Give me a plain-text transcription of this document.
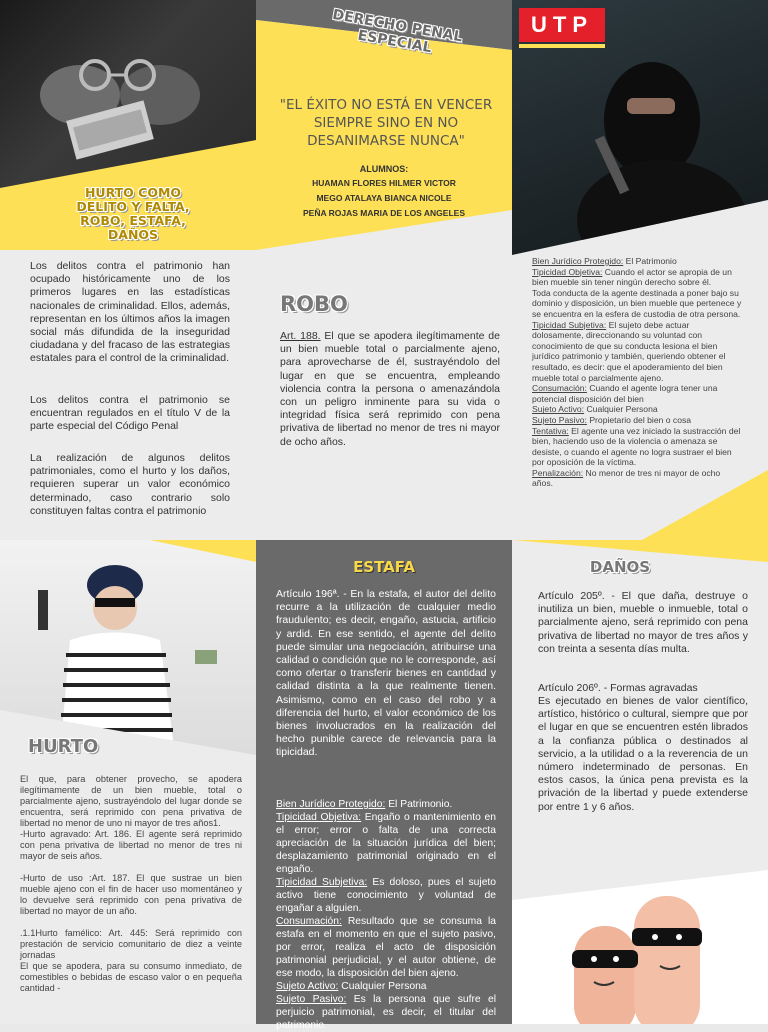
HURTO COMO DELITO Y FALTA, ROBO, ESTAFA, DAÑOS
Los delitos contra el patrimonio han ocupado históricamente uno de los primeros lugares en las estadísticas nacionales de criminalidad. Ellos, además, representan en los últimos años la imagen social más difundida de la inseguridad ciudadana y del fracaso de las estrategias estatales para el control de la criminalidad.
Los delitos contra el patrimonio se encuentran regulados en el título V de la parte especial del Código Penal
La realización de algunos delitos patrimoniales, como el hurto y los daños, requieren superar un valor económico determinado, caso contrario solo constituyen faltas contra el patrimonio
DERECHO PENAL ESPECIAL
"EL ÉXITO NO ESTÁ EN VENCER SIEMPRE SINO EN NO DESANIMARSE NUNCA"
ALUMNOS:
HUAMAN FLORES HILMER VICTOR
MEGO ATALAYA BIANCA NICOLE
PEÑA ROJAS MARIA DE LOS ANGELES
ROBO
Art. 188. El que se apodera ilegítimamente de un bien mueble total o parcialmente ajeno, para aprovecharse de él, sustrayéndolo del lugar en que se encuentra, empleando violencia contra la persona o amenazándola con un peligro inminente para su vida o integridad física será reprimido con pena privativa de libertad no menor de tres ni mayor de ocho años.
UTP
Bien Jurídico Protegido: El Patrimonio
Tipicidad Objetiva: Cuando el actor se apropia de un bien mueble sin tener ningún derecho sobre él.
Toda conducta de la agente destinada a poner bajo su dominio y disposición, un bien mueble que pertenece y se encuentra en la esfera de custodia de otra persona.
Tipicidad Subjetiva: El sujeto debe actuar dolosamente, direccionando su voluntad con conocimiento de que su conducta lesiona el bien jurídico patrimonio y también, queriendo obtener el resultado, es decir: que el apoderamiento del bien mueble total o parcialmente ajeno.
Consumación: Cuando el agente logra tener una potencial disposición del bien
Sujeto Activo: Cualquier Persona
Sujeto Pasivo: Propietario del bien o cosa
Tentativa: El agente una vez iniciado la sustracción del bien, haciendo uso de la violencia o amenaza se desiste, o cuando el agente no logra sustraer el bien por oposición de la víctima.
Penalización: No menor de tres ni mayor de ocho años.
HURTO
El que, para obtener provecho, se apodera ilegítimamente de un bien mueble, total o parcialmente ajeno, sustrayéndolo del lugar donde se encuentra, será reprimido con pena privativa de libertad no menor de uno ni mayor de tres años1.
-Hurto agravado: Art. 186. El agente será reprimido con pena privativa de libertad no menor de tres ni mayor de seis años.
-Hurto de uso :Art. 187. El que sustrae un bien mueble ajeno con el fin de hacer uso momentáneo y lo devuelve será reprimido con pena privativa de libertad no mayor de un año.
.1.1Hurto famélico: Art. 445: Será reprimido con prestación de servicio comunitario de diez a veinte jornadas
El que se apodera, para su consumo inmediato, de comestibles o bebidas de escaso valor o en pequeña cantidad -
ESTAFA
Artículo 196ª. - En la estafa, el autor del delito recurre a la utilización de cualquier medio fraudulento; es decir, engaño, astucia, artificio y ardid. En ese sentido, el agente del delito puede simular una negociación, atribuirse una calidad o condición que no le corresponde, así como ofertar o transferir bienes en cantidad y calidad distinta a la que realmente tienen. Asimismo, como en el caso del robo y a diferencia del hurto, el valor económico de los bienes involucrados en la realización del hecho punible carece de relevancia para la tipicidad.
Bien Jurídico Protegido: El Patrimonio.
Tipicidad Objetiva: Engaño o mantenimiento en el error; error o falta de una correcta apreciación de la situación jurídica del bien; desplazamiento patrimonial originado en el engaño.
Tipicidad Subjetiva: Es doloso, pues el sujeto activo tiene conocimiento y voluntad de engañar a alguien.
Consumación: Resultado que se consuma la estafa en el momento en que el sujeto pasivo, por error, realiza el acto de disposición patrimonial perjudicial, y el autor obtiene, de ese modo, la disposición del bien ajeno.
Sujeto Activo: Cualquier Persona
Sujeto Pasivo: Es la persona que sufre el perjuicio patrimonial, es decir, el titular del patrimonio.
DAÑOS
Artículo 205º. - El que daña, destruye o inutiliza un bien, mueble o inmueble, total o parcialmente ajeno, será reprimido con pena privativa de libertad no mayor de tres años y con treinta a sesenta días multa.
Artículo 206º. - Formas agravadas
Es ejecutado en bienes de valor científico, artístico, histórico o cultural, siempre que por el lugar en que se encuentren estén librados a la confianza pública o destinados al servicio, a la utilidad o a la reverencia de un número indeterminado de personas. En estos casos, la única pena prevista es la privación de la libertad y puede extenderse por entre 1 y 6 años.
